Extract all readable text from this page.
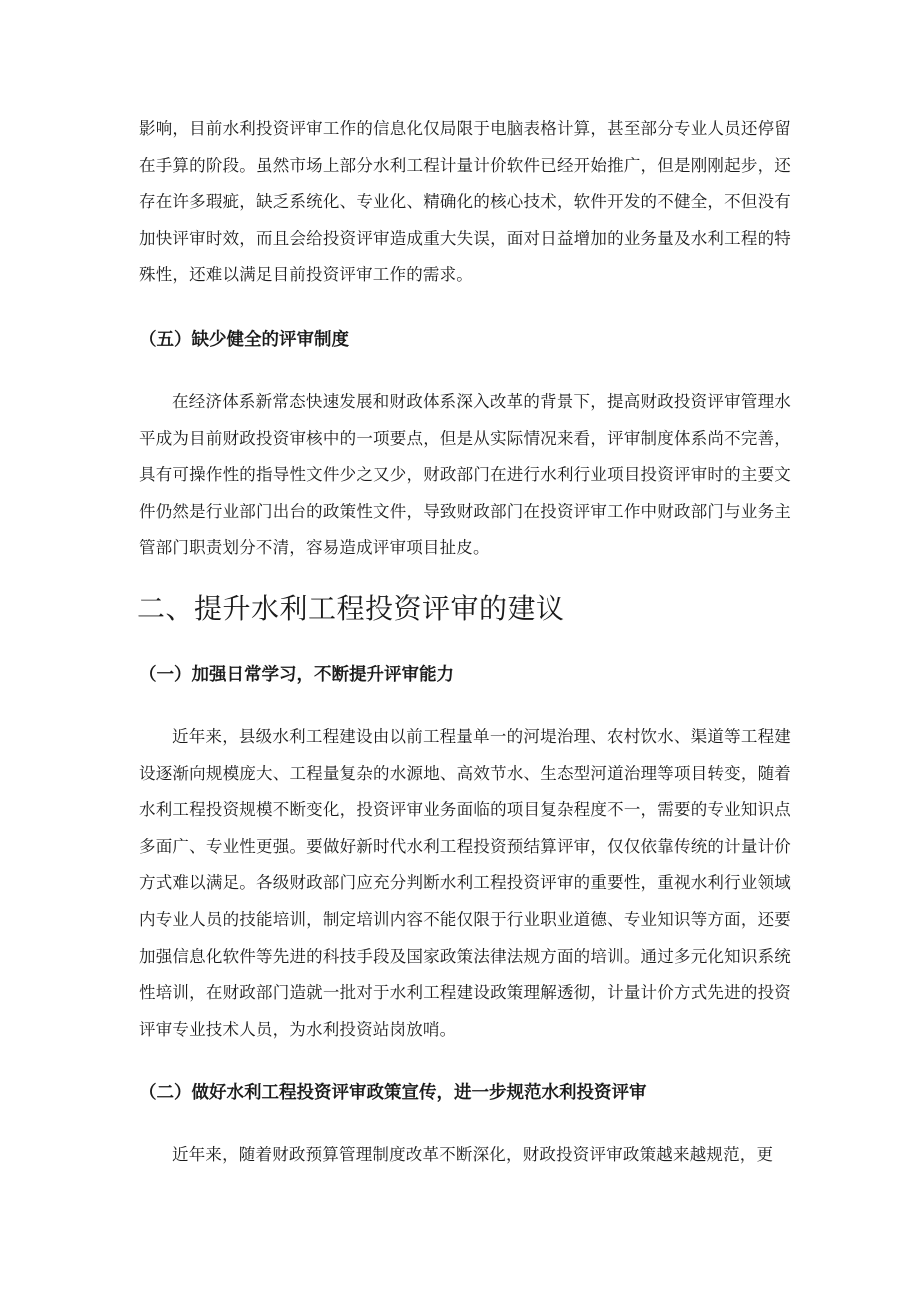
影响，目前水利投资评审工作的信息化仅局限于电脑表格计算，甚至部分专业人员还停留在手算的阶段。虽然市场上部分水利工程计量计价软件已经开始推广，但是刚刚起步，还存在许多瑕疵，缺乏系统化、专业化、精确化的核心技术，软件开发的不健全，不但没有加快评审时效，而且会给投资评审造成重大失误，面对日益增加的业务量及水利工程的特殊性，还难以满足目前投资评审工作的需求。

（五）缺少健全的评审制度

在经济体系新常态快速发展和财政体系深入改革的背景下，提高财政投资评审管理水平成为目前财政投资审核中的一项要点，但是从实际情况来看，评审制度体系尚不完善，具有可操作性的指导性文件少之又少，财政部门在进行水利行业项目投资评审时的主要文件仍然是行业部门出台的政策性文件，导致财政部门在投资评审工作中财政部门与业务主管部门职责划分不清，容易造成评审项目扯皮。

二、提升水利工程投资评审的建议
（一）加强日常学习，不断提升评审能力

近年来，县级水利工程建设由以前工程量单一的河堤治理、农村饮水、渠道等工程建设逐渐向规模庞大、工程量复杂的水源地、高效节水、生态型河道治理等项目转变，随着水利工程投资规模不断变化，投资评审业务面临的项目复杂程度不一，需要的专业知识点多面广、专业性更强。要做好新时代水利工程投资预结算评审，仅仅依靠传统的计量计价方式难以满足。各级财政部门应充分判断水利工程投资评审的重要性，重视水利行业领域内专业人员的技能培训，制定培训内容不能仅限于行业职业道德、专业知识等方面，还要加强信息化软件等先进的科技手段及国家政策法律法规方面的培训。通过多元化知识系统性培训，在财政部门造就一批对于水利工程建设政策理解透彻，计量计价方式先进的投资评审专业技术人员，为水利投资站岗放哨。

（二）做好水利工程投资评审政策宣传，进一步规范水利投资评审

近年来，随着财政预算管理制度改革不断深化，财政投资评审政策越来越规范，更
